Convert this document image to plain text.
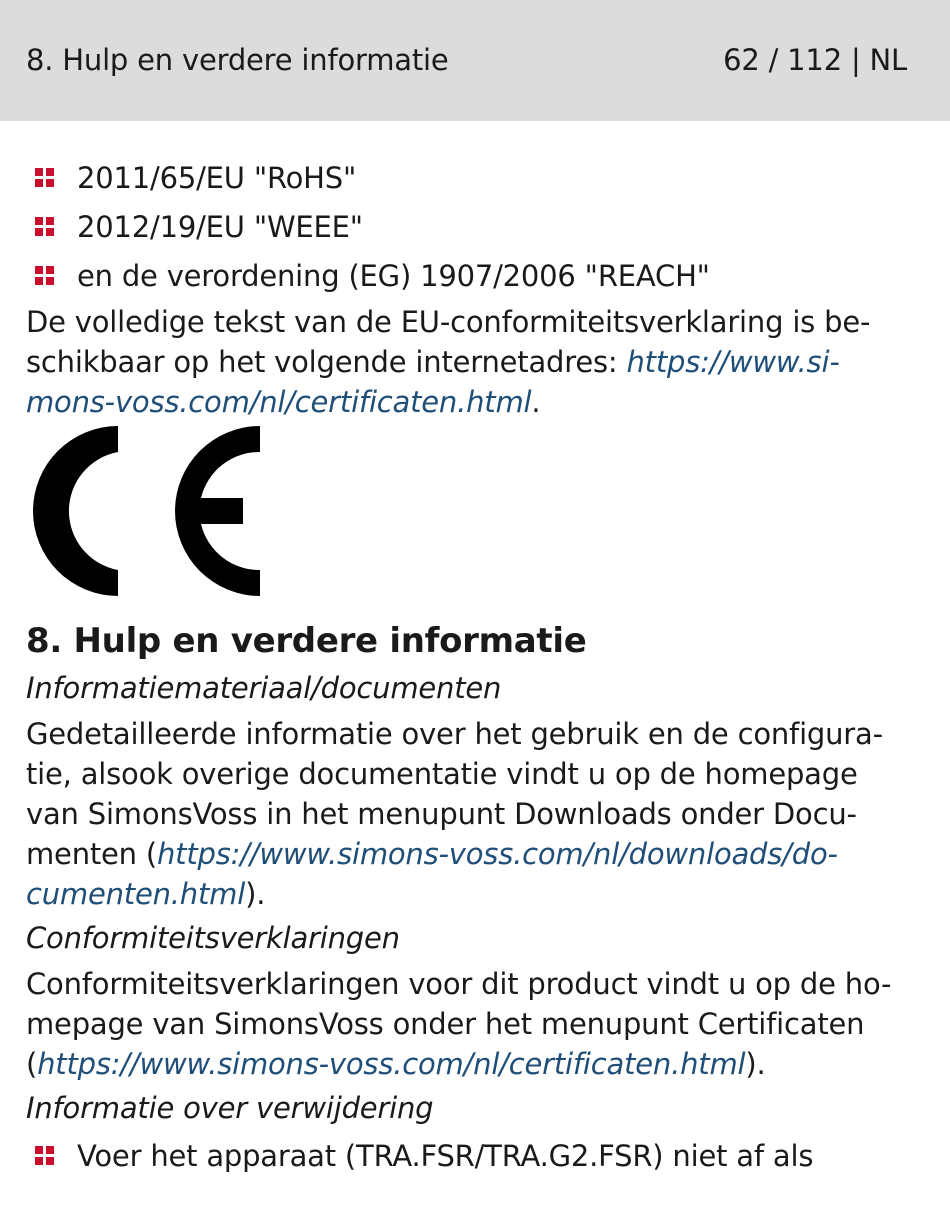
8. Hulp en verdere informatie	62 / 112 | NL
2011/65/EU "RoHS"
2012/19/EU "WEEE"
en de verordening (EG) 1907/2006 "REACH"
De volledige tekst van de EU-conformiteitsverklaring is be-
schikbaar op het volgende internetadres: https://www.si-
mons-voss.com/nl/certificaten.html.
8. Hulp en verdere informatie
Informatiemateriaal/documenten
Gedetailleerde informatie over het gebruik en de configura-
tie, alsook overige documentatie vindt u op de homepage
van SimonsVoss in het menupunt Downloads onder Docu-
menten (https://www.simons-voss.com/nl/downloads/do-
cumenten.html).
Conformiteitsverklaringen
Conformiteitsverklaringen voor dit product vindt u op de ho-
mepage van SimonsVoss onder het menupunt Certificaten
(https://www.simons-voss.com/nl/certificaten.html).
Informatie over verwijdering
Voer het apparaat (TRA.FSR/TRA.G2.FSR) niet af als
